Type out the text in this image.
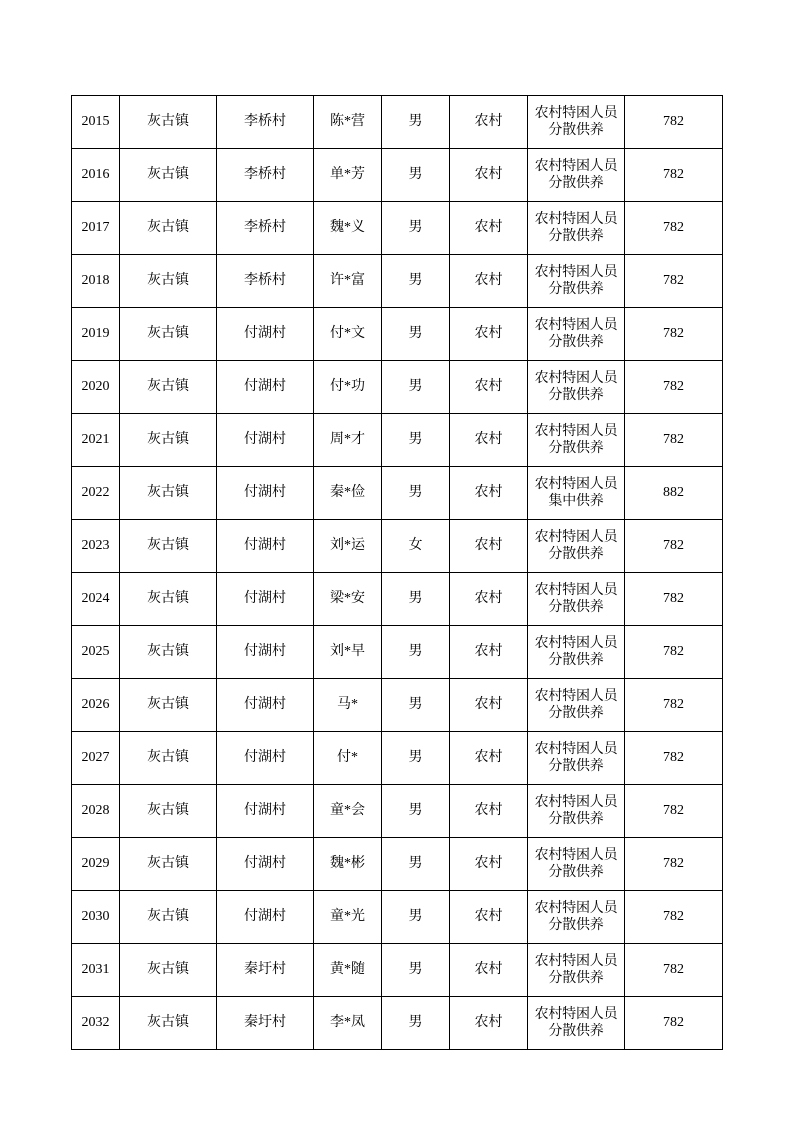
2015	灰古镇	李桥村	陈*营	男	农村	农村特困人员分散供养	782
2016	灰古镇	李桥村	单*芳	男	农村	农村特困人员分散供养	782
2017	灰古镇	李桥村	魏*义	男	农村	农村特困人员分散供养	782
2018	灰古镇	李桥村	许*富	男	农村	农村特困人员分散供养	782
2019	灰古镇	付湖村	付*文	男	农村	农村特困人员分散供养	782
2020	灰古镇	付湖村	付*功	男	农村	农村特困人员分散供养	782
2021	灰古镇	付湖村	周*才	男	农村	农村特困人员分散供养	782
2022	灰古镇	付湖村	秦*俭	男	农村	农村特困人员集中供养	882
2023	灰古镇	付湖村	刘*运	女	农村	农村特困人员分散供养	782
2024	灰古镇	付湖村	梁*安	男	农村	农村特困人员分散供养	782
2025	灰古镇	付湖村	刘*早	男	农村	农村特困人员分散供养	782
2026	灰古镇	付湖村	马*	男	农村	农村特困人员分散供养	782
2027	灰古镇	付湖村	付*	男	农村	农村特困人员分散供养	782
2028	灰古镇	付湖村	童*会	男	农村	农村特困人员分散供养	782
2029	灰古镇	付湖村	魏*彬	男	农村	农村特困人员分散供养	782
2030	灰古镇	付湖村	童*光	男	农村	农村特困人员分散供养	782
2031	灰古镇	秦圩村	黄*随	男	农村	农村特困人员分散供养	782
2032	灰古镇	秦圩村	李*凤	男	农村	农村特困人员分散供养	782
